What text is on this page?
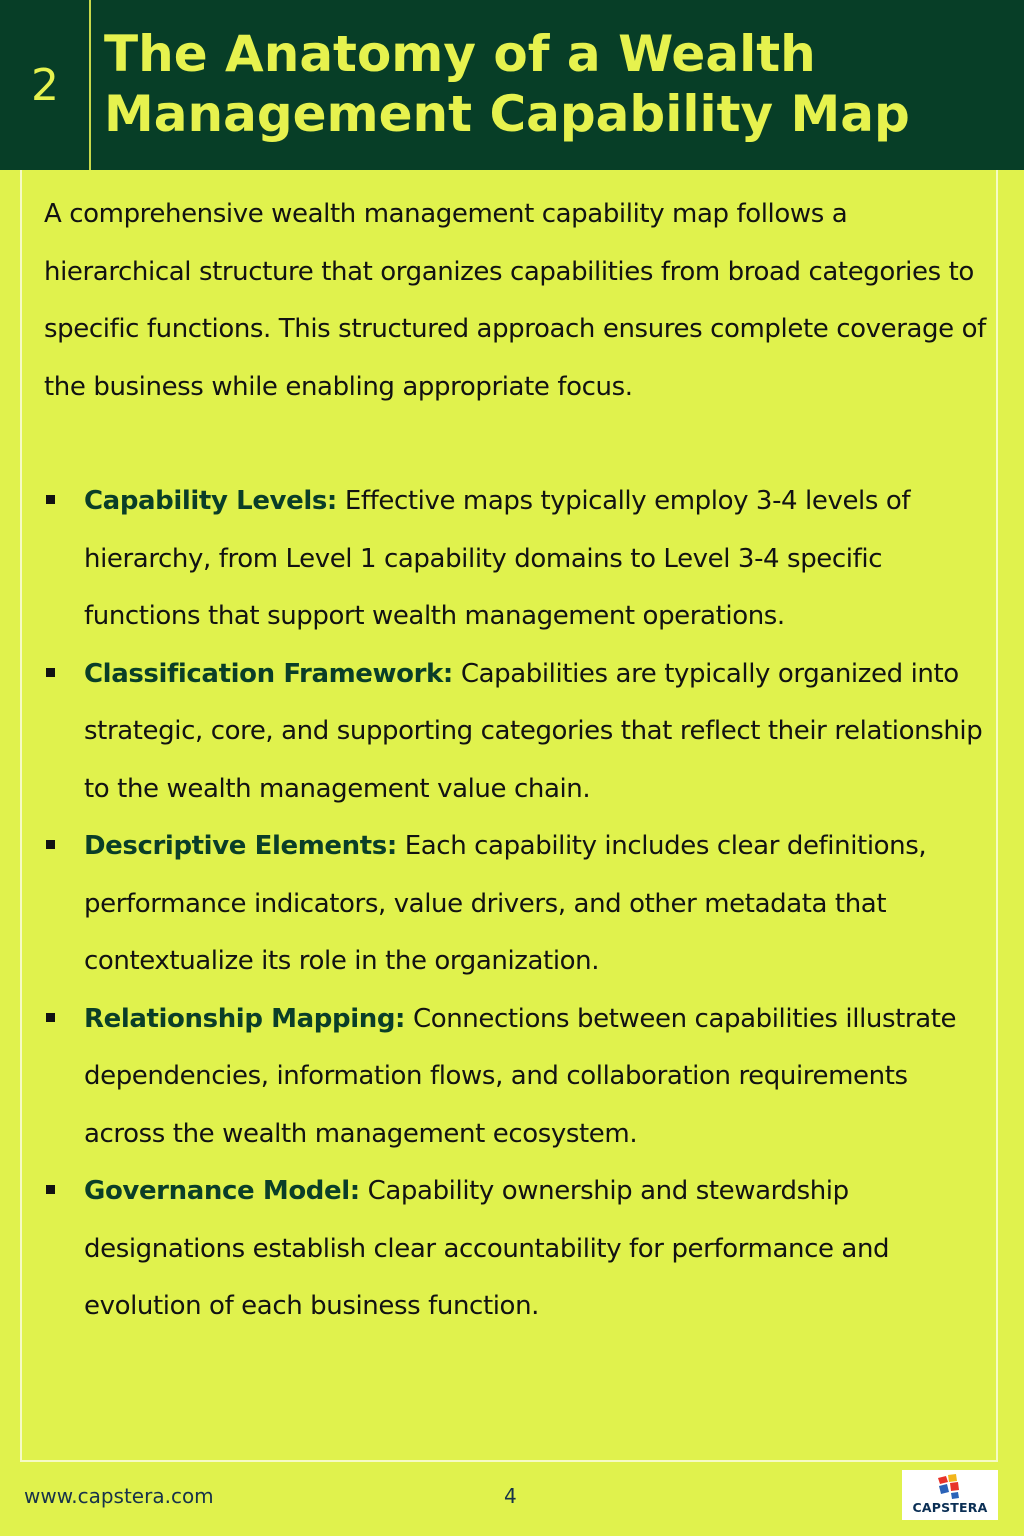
2
The Anatomy of a Wealth Management Capability Map

A comprehensive wealth management capability map follows a hierarchical structure that organizes capabilities from broad categories to specific functions. This structured approach ensures complete coverage of the business while enabling appropriate focus.

Capability Levels: Effective maps typically employ 3-4 levels of hierarchy, from Level 1 capability domains to Level 3-4 specific functions that support wealth management operations.
Classification Framework: Capabilities are typically organized into strategic, core, and supporting categories that reflect their relationship to the wealth management value chain.
Descriptive Elements: Each capability includes clear definitions, performance indicators, value drivers, and other metadata that contextualize its role in the organization.
Relationship Mapping: Connections between capabilities illustrate dependencies, information flows, and collaboration requirements across the wealth management ecosystem.
Governance Model: Capability ownership and stewardship designations establish clear accountability for performance and evolution of each business function.
www.capstera.com	4	CAPSTERA
